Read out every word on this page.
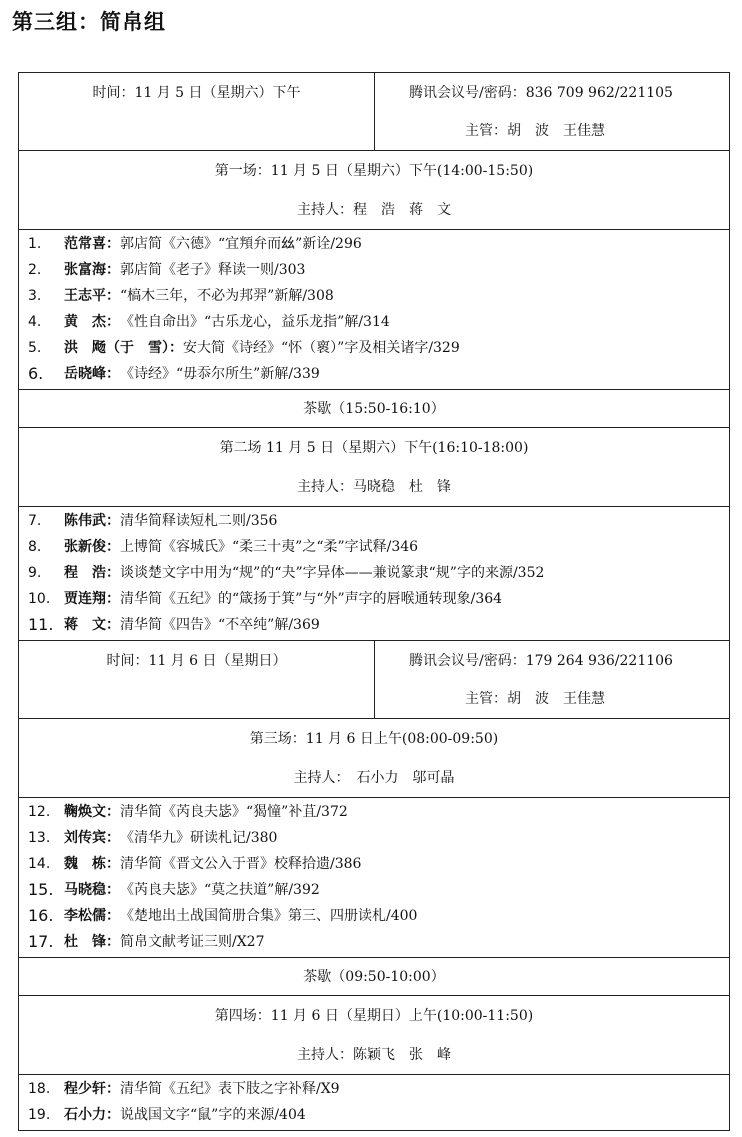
第三组：简帛组
时间：11 月 5 日（星期六）下午	腾讯会议号/密码：836 709 962/221105
主管：胡　波　王佳慧
第一场：11 月 5 日（星期六）下午(14:00-15:50)
主持人：程　浩　蒋　文
1.	范常喜： 郭店简《六德》“宜頖弁而𢆶”新诠/296
2.	张富海： 郭店简《老子》释读一则/303
3.	王志平： “槁木三年，不必为邦羿”新解/308
4.	黄　杰： 《性自命出》“古乐龙心，益乐龙指”解/314
5.	洪　飏（于　雪）： 安大简《诗经》“怀（褱）”字及相关诸字/329
6.	岳晓峰： 《诗经》“毋忝尔所生”新解/339
茶歇（15:50-16:10）
第二场 11 月 5 日（星期六）下午(16:10-18:00)
主持人：马晓稳　杜　锋
7.	陈伟武： 清华简释读短札二则/356
8.	张新俊： 上博简《容城氏》“柔三十夷”之“柔”字试释/346
9.	程　浩： 谈谈楚文字中用为“规”的“夬”字异体——兼说篆隶“规”字的来源/352
10. 贾连翔： 清华简《五纪》的“箴扬于箕”与“外”声字的唇喉通转现象/364
11. 蒋　文： 清华简《四告》“不卒纯”解/369
时间：11 月 6 日（星期日）	腾讯会议号/密码：179 264 936/221106
主管：胡　波　王佳慧
第三场：11 月 6 日上午(08:00-09:50)
主持人：　石小力　邬可晶
12. 鞠焕文： 清华简《芮良夫毖》“猲憧”补苴/372
13. 刘传宾： 《清华九》研读札记/380
14. 魏　栋： 清华简《晋文公入于晋》校释拾遗/386
15. 马晓稳： 《芮良夫毖》“莫之扶道”解/392
16. 李松儒： 《楚地出土战国简册合集》第三、四册读札/400
17. 杜　锋： 简帛文献考证三则/X27
茶歇（09:50-10:00）
第四场：11 月 6 日（星期日）上午(10:00-11:50)
主持人：陈颖飞　张　峰
18. 程少轩： 清华简《五纪》表下肢之字补释/X9
19. 石小力： 说战国文字“鼠”字的来源/404
